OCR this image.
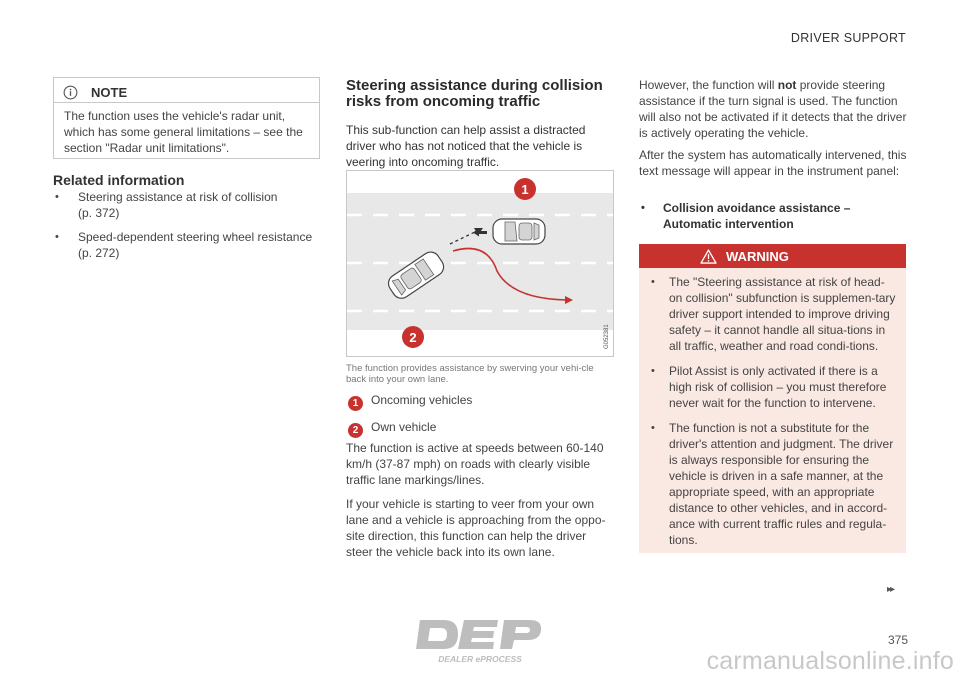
DRIVER SUPPORT
NOTE

The function uses the vehicle's radar unit, which has some general limitations – see the section "Radar unit limitations".

Related information
• Steering assistance at risk of collision
(p. 372)
• Speed-dependent steering wheel resistance
(p. 272)
Steering assistance during collision risks from oncoming traffic

This sub-function can help assist a distracted driver who has not noticed that the vehicle is veering into oncoming traffic.

1
2	G052381

The function provides assistance by swerving your vehi-cle back into your own lane.

1	Oncoming vehicles
2	Own vehicle

The function is active at speeds between 60-140 km/h (37-87 mph) on roads with clearly visible traffic lane markings/lines.

If your vehicle is starting to veer from your own lane and a vehicle is approaching from the oppo-site direction, this function can help the driver steer the vehicle back into its own lane.

However, the function will not provide steering assistance if the turn signal is used. The function will also not be activated if it detects that the driver is actively operating the vehicle.

After the system has automatically intervened, this text message will appear in the instrument panel:

• Collision avoidance assistance – Automatic intervention

WARNING
• The "Steering assistance at risk of head-on collision" subfunction is supplemen-tary driver support intended to improve driving safety – it cannot handle all situa-tions in all traffic, weather and road condi-tions.
• Pilot Assist is only activated if there is a high risk of collision – you must therefore never wait for the function to intervene.
• The function is not a substitute for the driver's attention and judgment. The driver is always responsible for ensuring the vehicle is driven in a safe manner, at the appropriate speed, with an appropriate distance to other vehicles, and in accord-ance with current traffic rules and regula-tions.
▸▸
375
DEALER ePROCESS	carmanualsonline.info
